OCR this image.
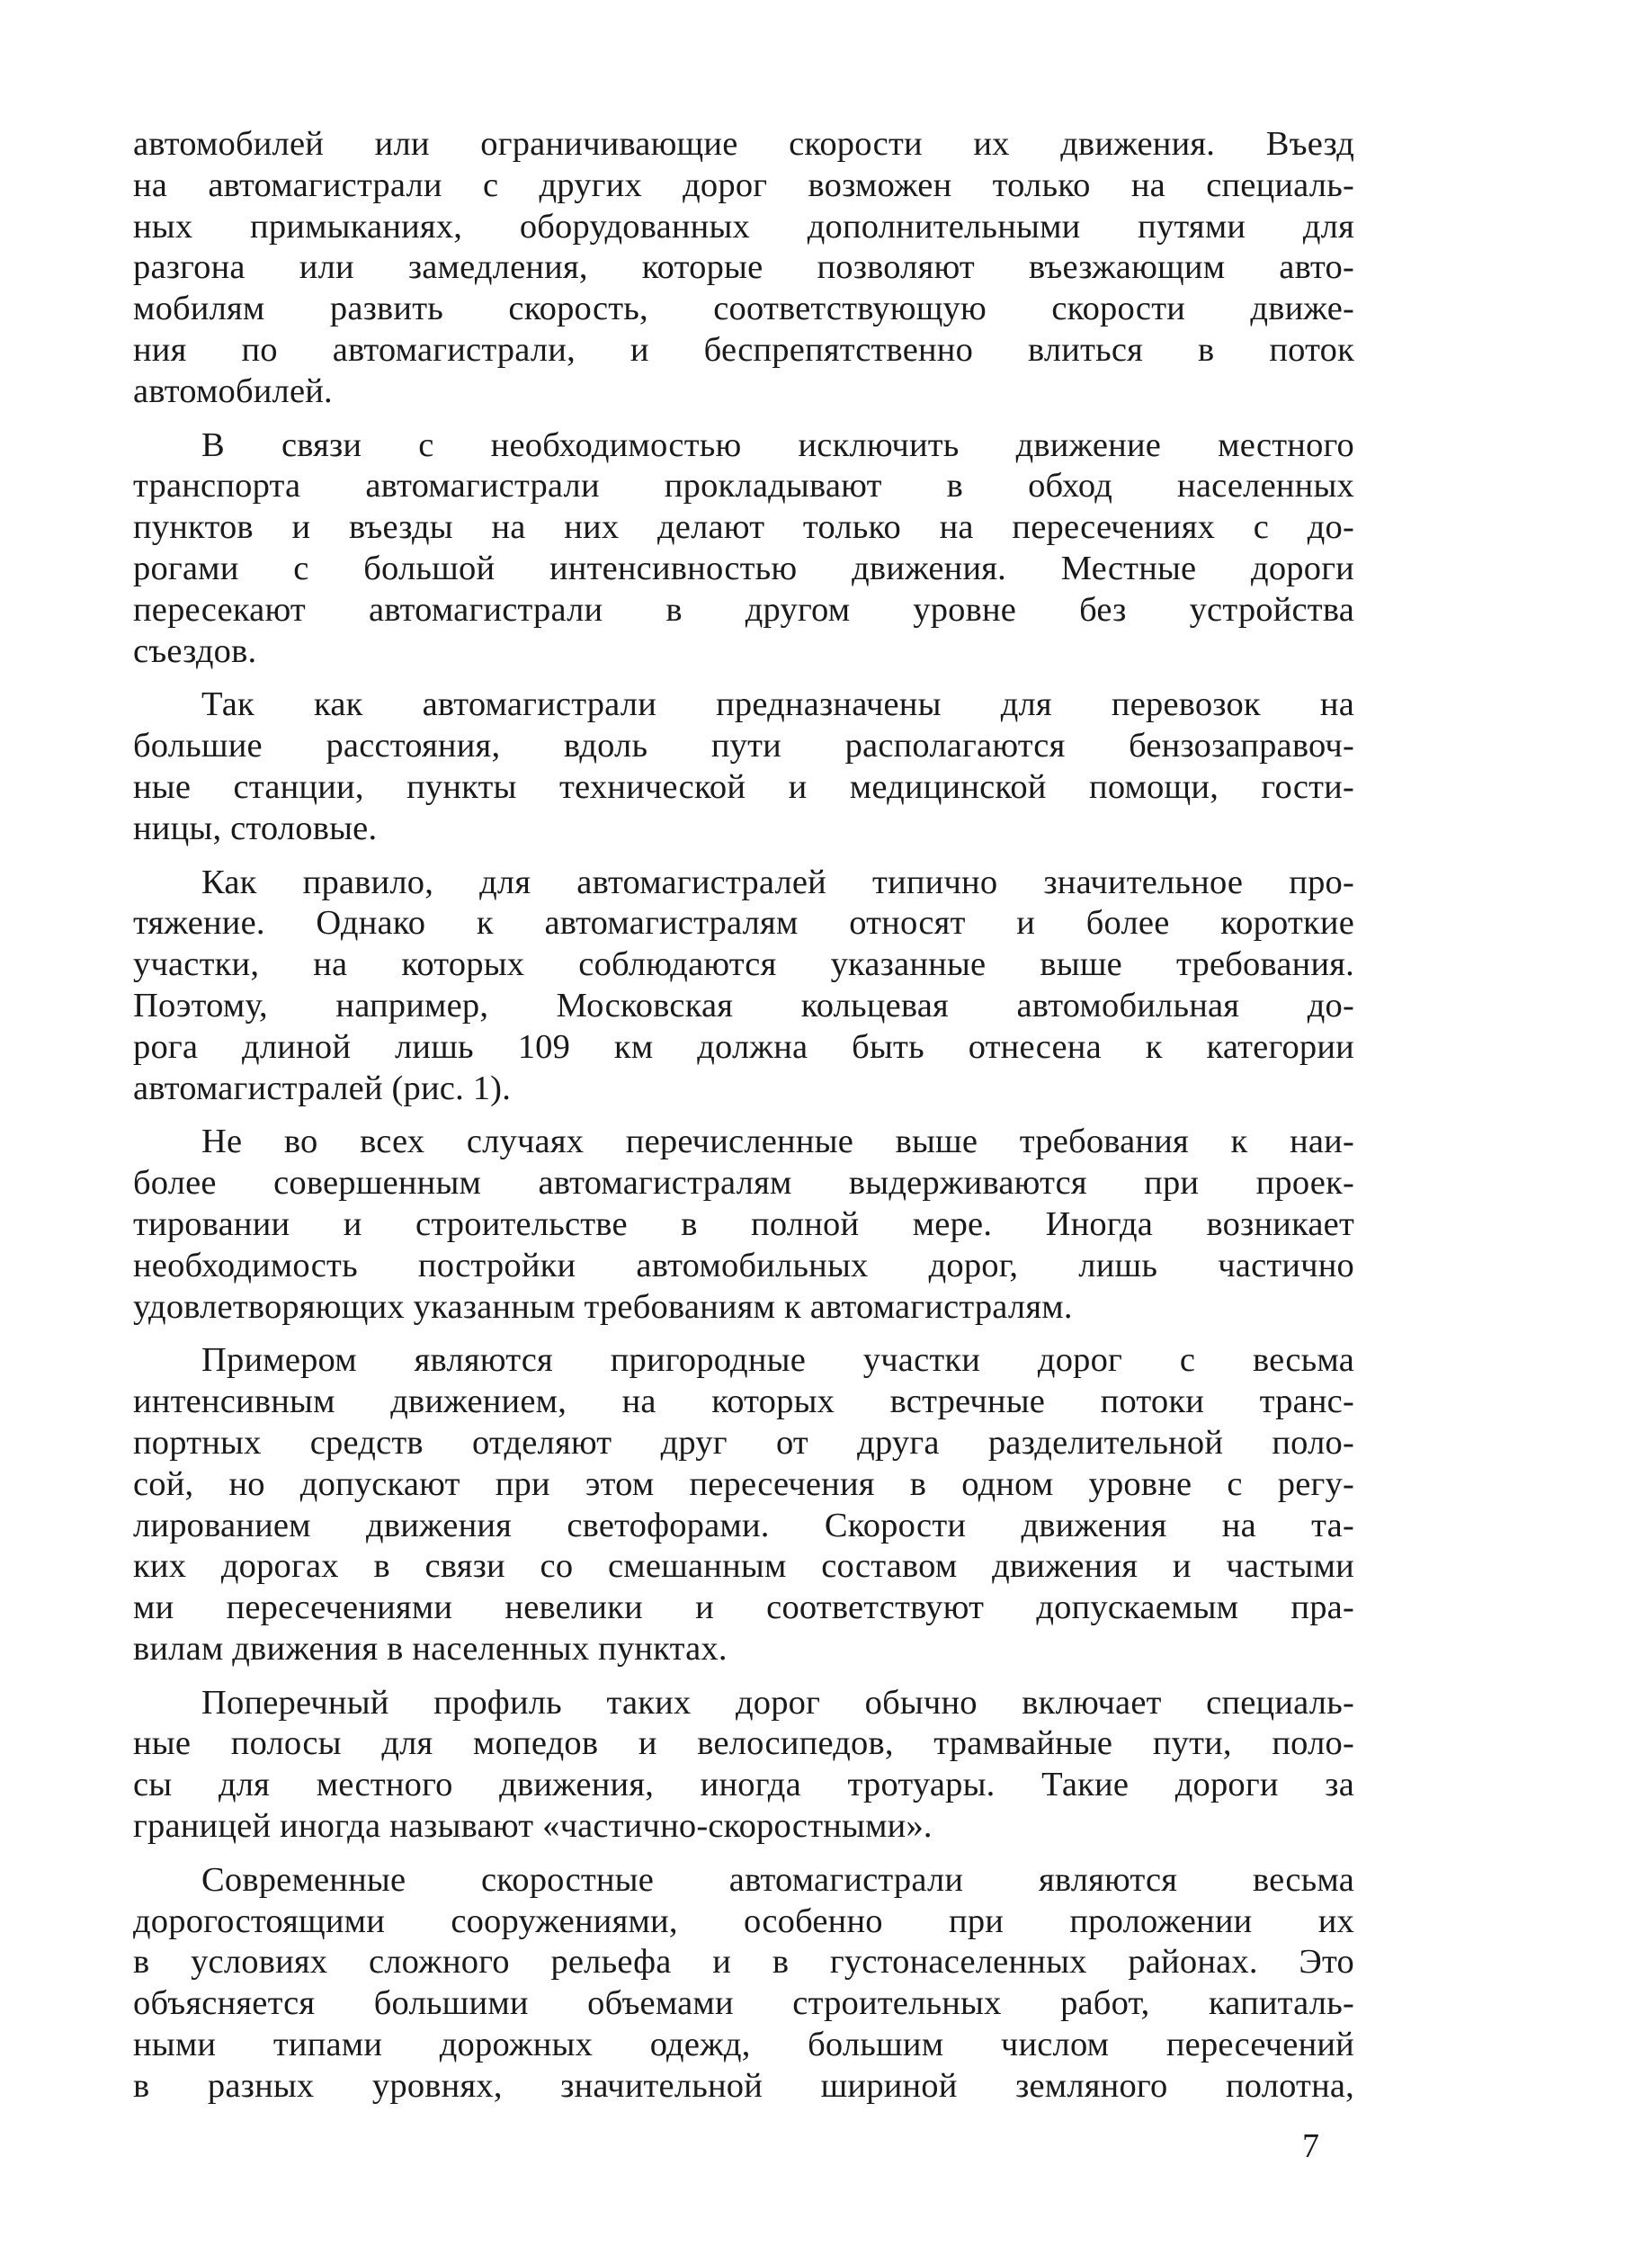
автомобилей или ограничивающие скорости их движения. Въезд
на автомагистрали с других дорог возможен только на специаль-
ных примыканиях, оборудованных дополнительными путями для
разгона или замедления, которые позволяют въезжающим авто-
мобилям развить скорость, соответствующую скорости движе-
ния по автомагистрали, и беспрепятственно влиться в поток
автомобилей.

В связи с необходимостью исключить движение местного
транспорта автомагистрали прокладывают в обход населенных
пунктов и въезды на них делают только на пересечениях с до-
рогами с большой интенсивностью движения. Местные дороги
пересекают автомагистрали в другом уровне без устройства
съездов.

Так как автомагистрали предназначены для перевозок на
большие расстояния, вдоль пути располагаются бензозаправоч-
ные станции, пункты технической и медицинской помощи, гости-
ницы, столовые.

Как правило, для автомагистралей типично значительное про-
тяжение. Однако к автомагистралям относят и более короткие
участки, на которых соблюдаются указанные выше требования.
Поэтому, например, Московская кольцевая автомобильная до-
рога длиной лишь 109 км должна быть отнесена к категории
автомагистралей (рис. 1).

Не во всех случаях перечисленные выше требования к наи-
более совершенным автомагистралям выдерживаются при проек-
тировании и строительстве в полной мере. Иногда возникает
необходимость постройки автомобильных дорог, лишь частично
удовлетворяющих указанным требованиям к автомагистралям.

Примером являются пригородные участки дорог с весьма
интенсивным движением, на которых встречные потоки транс-
портных средств отделяют друг от друга разделительной поло-
сой, но допускают при этом пересечения в одном уровне с регу-
лированием движения светофорами. Скорости движения на та-
ких дорогах в связи со смешанным составом движения и частыми
ми пересечениями невелики и соответствуют допускаемым пра-
вилам движения в населенных пунктах.

Поперечный профиль таких дорог обычно включает специаль-
ные полосы для мопедов и велосипедов, трамвайные пути, поло-
сы для местного движения, иногда тротуары. Такие дороги за
границей иногда называют «частично-скоростными».

Современные скоростные автомагистрали являются весьма
дорогостоящими сооружениями, особенно при проложении их
в условиях сложного рельефа и в густонаселенных районах. Это
объясняется большими объемами строительных работ, капиталь-
ными типами дорожных одежд, большим числом пересечений
в разных уровнях, значительной шириной земляного полотна,

7
